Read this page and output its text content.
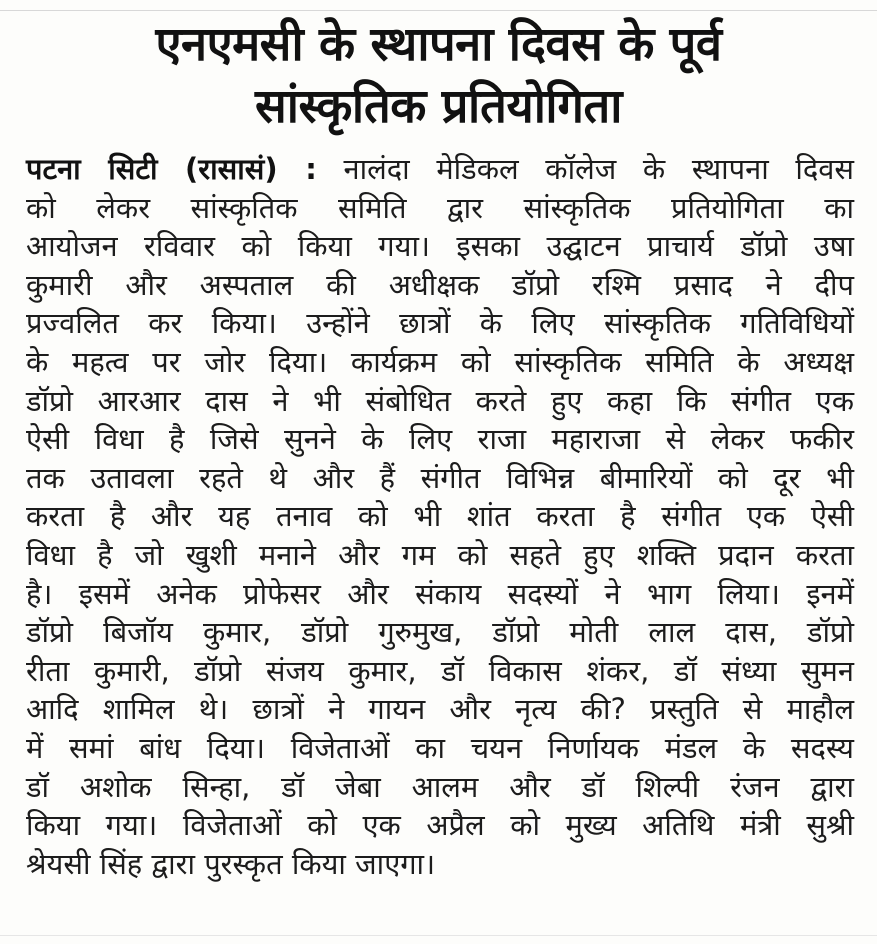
एनएमसी के स्थापना दिवस के पूर्व
सांस्कृतिक प्रतियोगिता
पटना सिटी (रासासं) : नालंदा मेडिकल कॉलेज के स्थापना दिवस
को लेकर सांस्कृतिक समिति द्वार सांस्कृतिक प्रतियोगिता का
आयोजन रविवार को किया गया। इसका उद्घाटन प्राचार्य डॉप्रो उषा
कुमारी और अस्पताल की अधीक्षक डॉप्रो रश्मि प्रसाद ने दीप
प्रज्वलित कर किया। उन्होंने छात्रों के लिए सांस्कृतिक गतिविधियों
के महत्व पर जोर दिया। कार्यक्रम को सांस्कृतिक समिति के अध्यक्ष
डॉप्रो आरआर दास ने भी संबोधित करते हुए कहा कि संगीत एक
ऐसी विधा है जिसे सुनने के लिए राजा महाराजा से लेकर फकीर
तक उतावला रहते थे और हैं संगीत विभिन्न बीमारियों को दूर भी
करता है और यह तनाव को भी शांत करता है संगीत एक ऐसी
विधा है जो खुशी मनाने और गम को सहते हुए शक्ति प्रदान करता
है। इसमें अनेक प्रोफेसर और संकाय सदस्यों ने भाग लिया। इनमें
डॉप्रो बिजॉय कुमार, डॉप्रो गुरुमुख, डॉप्रो मोती लाल दास, डॉप्रो
रीता कुमारी, डॉप्रो संजय कुमार, डॉ विकास शंकर, डॉ संध्या सुमन
आदि शामिल थे। छात्रों ने गायन और नृत्य की? प्रस्तुति से माहौल
में समां बांध दिया। विजेताओं का चयन निर्णायक मंडल के सदस्य
डॉ अशोक सिन्हा, डॉ जेबा आलम और डॉ शिल्पी रंजन द्वारा
किया गया। विजेताओं को एक अप्रैल को मुख्य अतिथि मंत्री सुश्री
श्रेयसी सिंह द्वारा पुरस्कृत किया जाएगा।
